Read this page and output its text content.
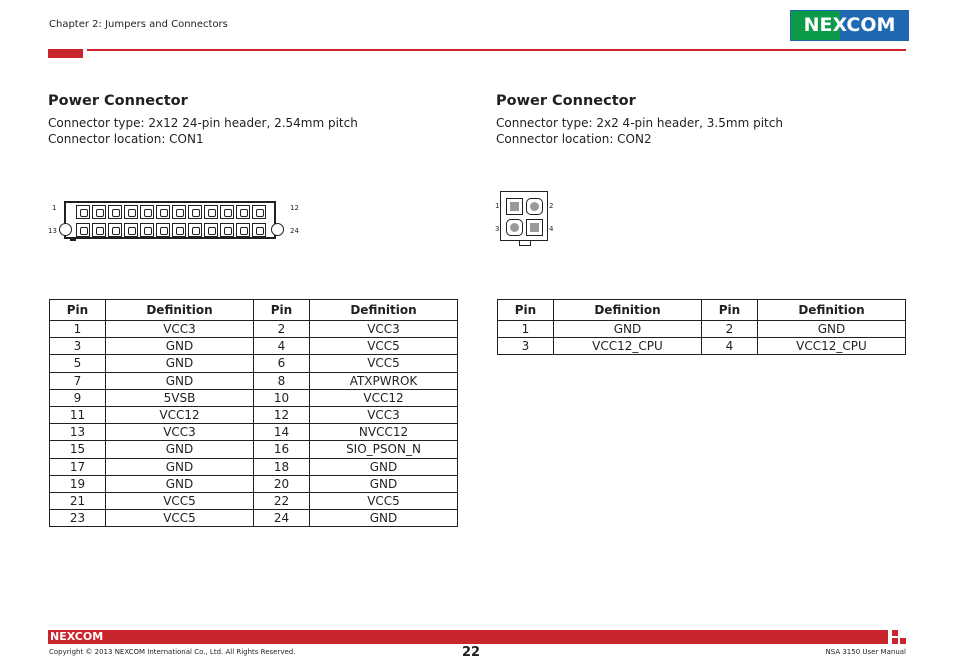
Chapter 2: Jumpers and Connectors	NEXCOM
Power Connector
Connector type: 2x12 24-pin header, 2.54mm pitch
Connector location: CON1
1	12
13	24
Pin	Definition	Pin	Definition
1	VCC3	2	VCC3
3	GND	4	VCC5
5	GND	6	VCC5
7	GND	8	ATXPWROK
9	5VSB	10	VCC12
11	VCC12	12	VCC3
13	VCC3	14	NVCC12
15	GND	16	SIO_PSON_N
17	GND	18	GND
19	GND	20	GND
21	VCC5	22	VCC5
23	VCC5	24	GND
Power Connector
Connector type: 2x2 4-pin header, 3.5mm pitch
Connector location: CON2
1	2
3	4
Pin	Definition	Pin	Definition
1	GND	2	GND
3	VCC12_CPU	4	VCC12_CPU
NEXCOM
Copyright © 2013 NEXCOM International Co., Ltd. All Rights Reserved.	22	NSA 3150 User Manual
